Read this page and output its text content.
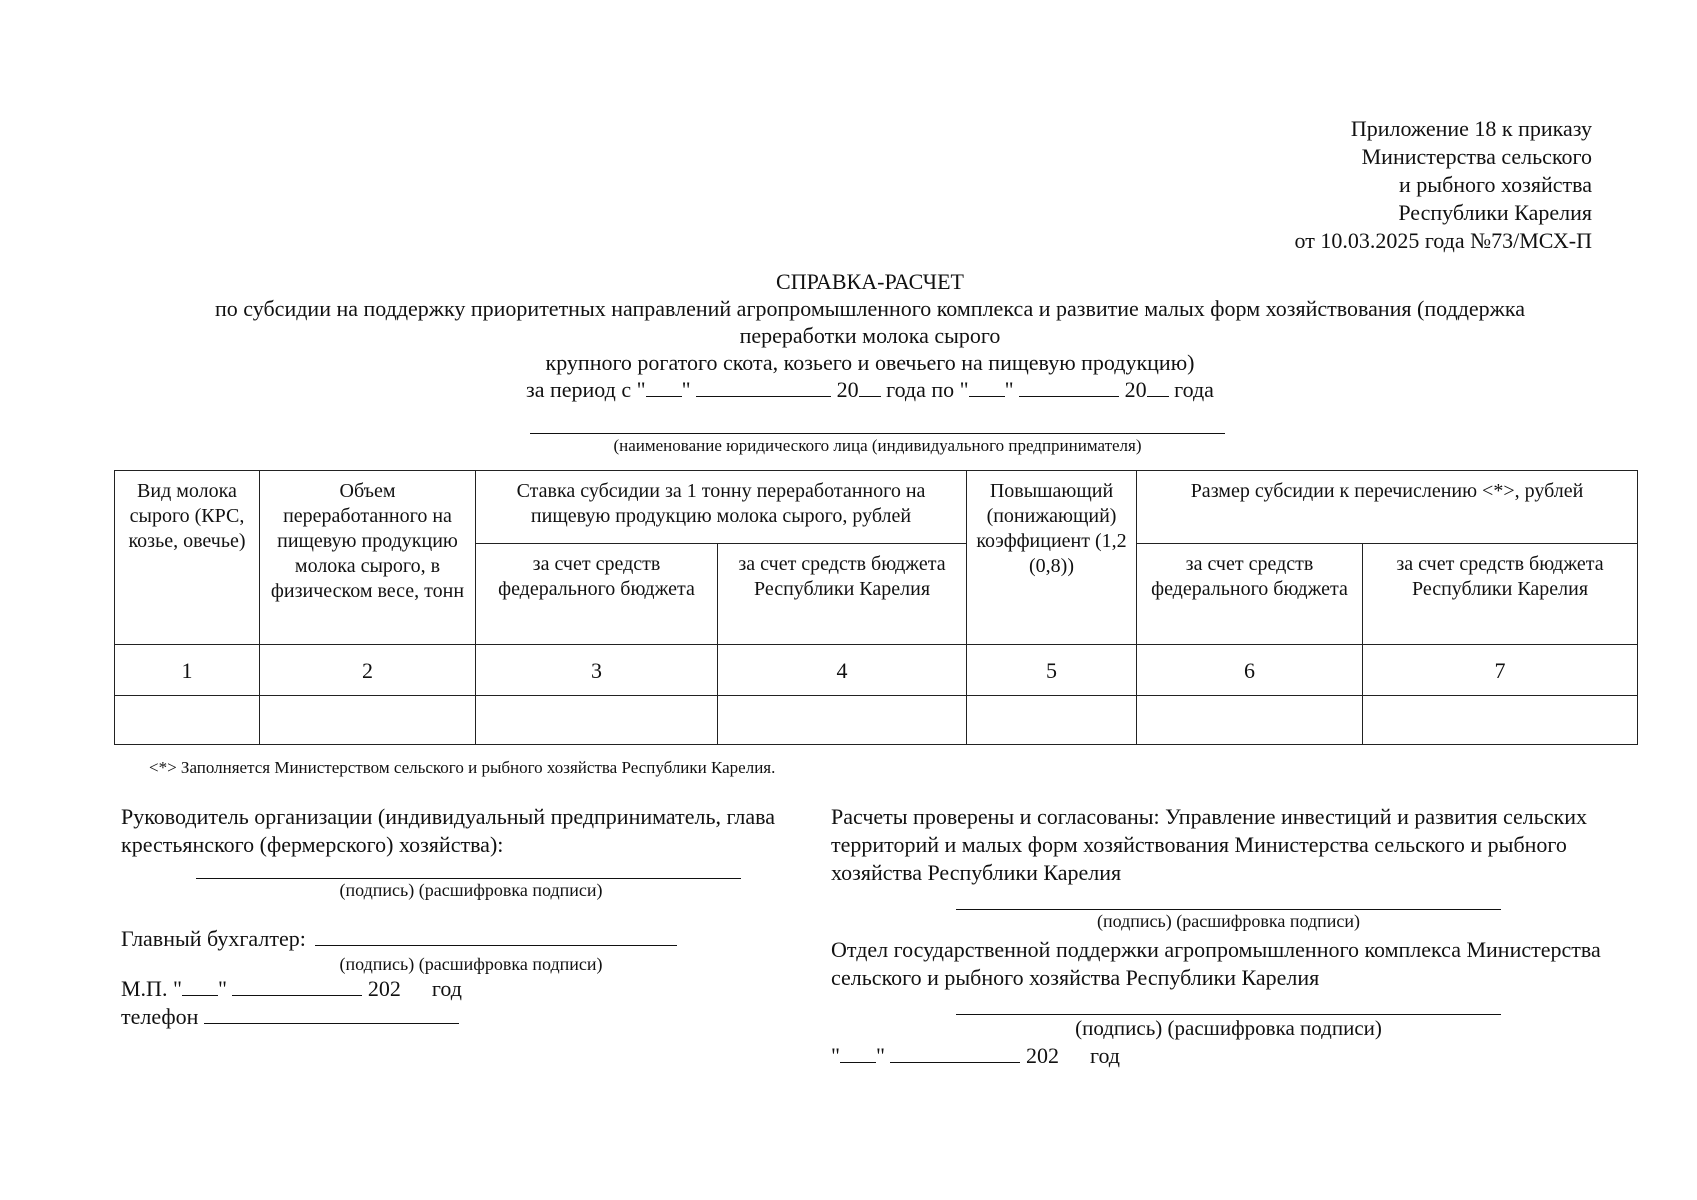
Приложение 18 к приказу
Министерства сельского
и рыбного хозяйства
Республики Карелия
от 10.03.2025 года №73/МСХ-П
СПРАВКА-РАСЧЕТ
по субсидии на поддержку приоритетных направлений агропромышленного комплекса и развитие малых форм хозяйствования (поддержка
переработки молока сырого
крупного рогатого скота, козьего и овечьего на пищевую продукцию)
за период с " "	20 года по " "	20 года
(наименование юридического лица (индивидуального предпринимателя)
Вид молока сырого (КРС, козье, овечье)	Объем переработанного на пищевую продукцию молока сырого, в физическом весе, тонн	Ставка субсидии за 1 тонну переработанного на пищевую продукцию молока сырого, рублей		Повышающий (понижающий) коэффициент (1,2 (0,8))	Размер субсидии к перечислению <*>, рублей	
		за счет средств федерального бюджета	за счет средств бюджета Республики Карелия		за счет средств федерального бюджета	за счет средств бюджета Республики Карелия
1	2	3	4	5	6	7

<*> Заполняется Министерством сельского и рыбного хозяйства Республики Карелия.
Руководитель организации (индивидуальный предприниматель, глава крестьянского (фермерского) хозяйства):
(подпись) (расшифровка подписи)
Главный бухгалтер:
(подпись) (расшифровка подписи)
М.П. " "	202 год
телефон
Расчеты проверены и согласованы: Управление инвестиций и развития сельских территорий и малых форм хозяйствования Министерства сельского и рыбного хозяйства Республики Карелия
(подпись) (расшифровка подписи)
Отдел государственной поддержки агропромышленного комплекса Министерства сельского и рыбного хозяйства Республики Карелия
(подпись) (расшифровка подписи)
" "	202 год
